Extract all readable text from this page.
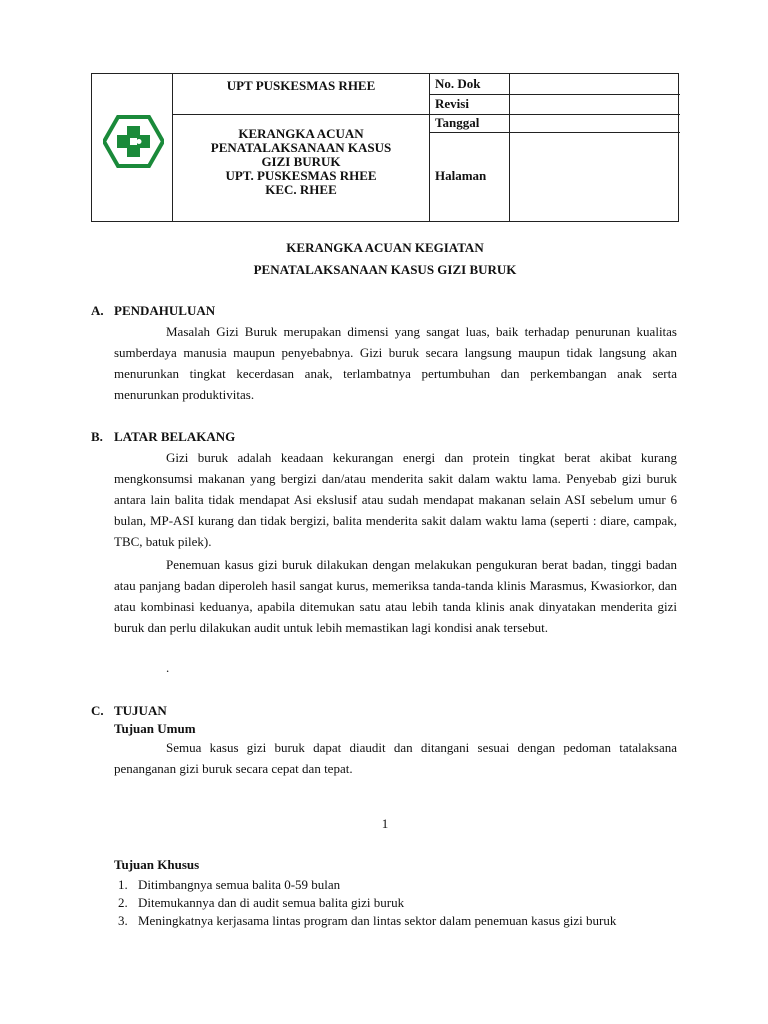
UPT PUSKESMAS RHEE
KERANGKA ACUAN
PENATALAKSANAAN KASUS
GIZI BURUK
UPT. PUSKESMAS RHEE
KEC. RHEE
No. Dok
Revisi
Tanggal
Halaman
KERANGKA ACUAN KEGIATAN
PENATALAKSANAAN KASUS GIZI BURUK
A. PENDAHULUAN

Masalah Gizi Buruk merupakan dimensi yang sangat luas, baik terhadap penurunan kualitas sumberdaya manusia maupun penyebabnya. Gizi buruk secara langsung maupun tidak langsung akan menurunkan tingkat kecerdasan anak, terlambatnya pertumbuhan dan perkembangan anak serta menurunkan produktivitas.

B. LATAR BELAKANG

Gizi buruk adalah keadaan kekurangan energi dan protein tingkat berat akibat kurang mengkonsumsi makanan yang bergizi dan/atau menderita sakit dalam waktu lama. Penyebab gizi buruk antara lain balita tidak mendapat Asi ekslusif atau sudah mendapat makanan selain ASI sebelum umur 6 bulan, MP-ASI kurang dan tidak bergizi, balita menderita sakit dalam waktu lama (seperti : diare, campak, TBC, batuk pilek).

Penemuan kasus gizi buruk dilakukan dengan melakukan pengukuran berat badan, tinggi badan atau panjang badan diperoleh hasil sangat kurus, memeriksa tanda-tanda klinis Marasmus, Kwasiorkor, dan atau kombinasi keduanya, apabila ditemukan satu atau lebih tanda klinis anak dinyatakan menderita gizi buruk dan perlu dilakukan audit untuk lebih memastikan lagi kondisi anak tersebut.

.
C. TUJUAN
Tujuan Umum

Semua kasus gizi buruk dapat diaudit dan ditangani sesuai dengan pedoman tatalaksana penanganan gizi buruk secara cepat dan tepat.

1
Tujuan Khusus
1. Ditimbangnya semua balita 0-59 bulan
2. Ditemukannya dan di audit semua balita gizi buruk
3. Meningkatnya kerjasama lintas program dan lintas sektor dalam penemuan kasus gizi buruk
